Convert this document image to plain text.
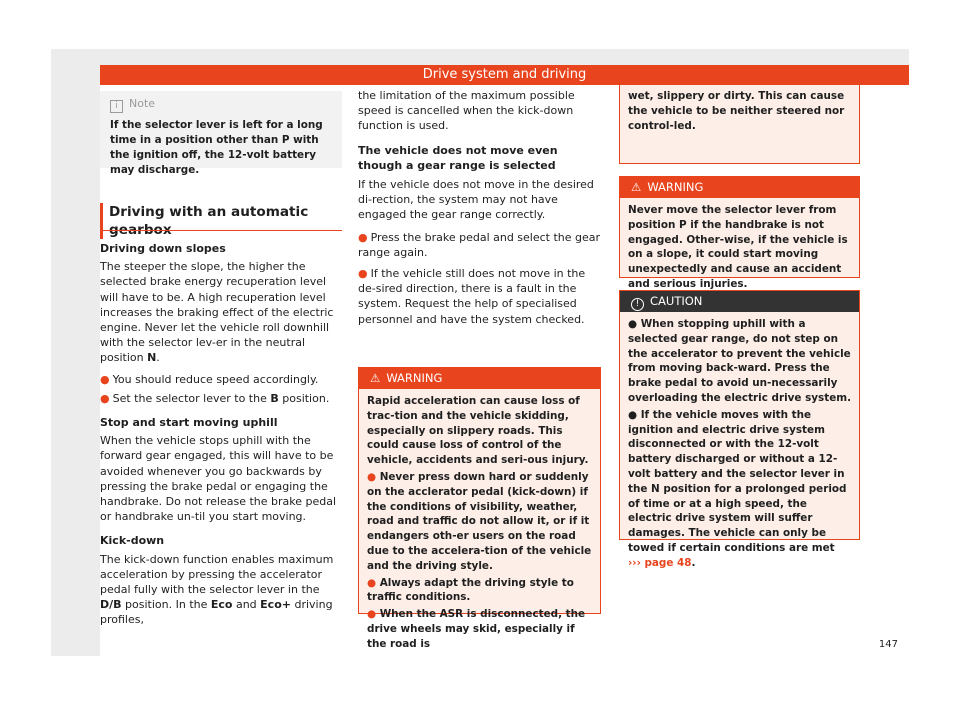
Drive system and driving
i Note
If the selector lever is left for a long time in a position other than P with the ignition off, the 12-volt battery may discharge.
Driving with an automatic gearbox

Driving down slopes

The steeper the slope, the higher the selected brake energy recuperation level will have to be. A high recuperation level increases the braking effect of the electric engine. Never let the vehicle roll downhill with the selector lev-er in the neutral position N.

● You should reduce speed accordingly.

● Set the selector lever to the B position.

Stop and start moving uphill

When the vehicle stops uphill with the forward gear engaged, this will have to be avoided whenever you go backwards by pressing the brake pedal or engaging the handbrake. Do not release the brake pedal or handbrake un-til you start moving.

Kick-down

The kick-down function enables maximum acceleration by pressing the accelerator pedal fully with the selector lever in the D/B position. In the Eco and Eco+ driving profiles,

the limitation of the maximum possible speed is cancelled when the kick-down function is used.

The vehicle does not move even though a gear range is selected

If the vehicle does not move in the desired di-rection, the system may not have engaged the gear range correctly.

● Press the brake pedal and select the gear range again.

● If the vehicle still does not move in the de-sired direction, there is a fault in the system. Request the help of specialised personnel and have the system checked.

⚠ WARNING
Rapid acceleration can cause loss of trac-tion and the vehicle skidding, especially on slippery roads. This could cause loss of control of the vehicle, accidents and seri-ous injury.
● Never press down hard or suddenly on the acclerator pedal (kick-down) if the conditions of visibility, weather, road and traffic do not allow it, or if it endangers oth-er users on the road due to the accelera-tion of the vehicle and the driving style.
● Always adapt the driving style to traffic conditions.
● When the ASR is disconnected, the drive wheels may skid, especially if the road is
wet, slippery or dirty. This can cause the vehicle to be neither steered nor control-led.
⚠ WARNING
Never move the selector lever from position P if the handbrake is not engaged. Other-wise, if the vehicle is on a slope, it could start moving unexpectedly and cause an accident and serious injuries.
! CAUTION
● When stopping uphill with a selected gear range, do not step on the accelerator to prevent the vehicle from moving back-ward. Press the brake pedal to avoid un-necessarily overloading the electric drive system.
● If the vehicle moves with the ignition and electric drive system disconnected or with the 12-volt battery discharged or without a 12-volt battery and the selector lever in the N position for a prolonged period of time or at a high speed, the electric drive system will suffer damages. The vehicle can only be towed if certain conditions are met ››› page 48.
147
